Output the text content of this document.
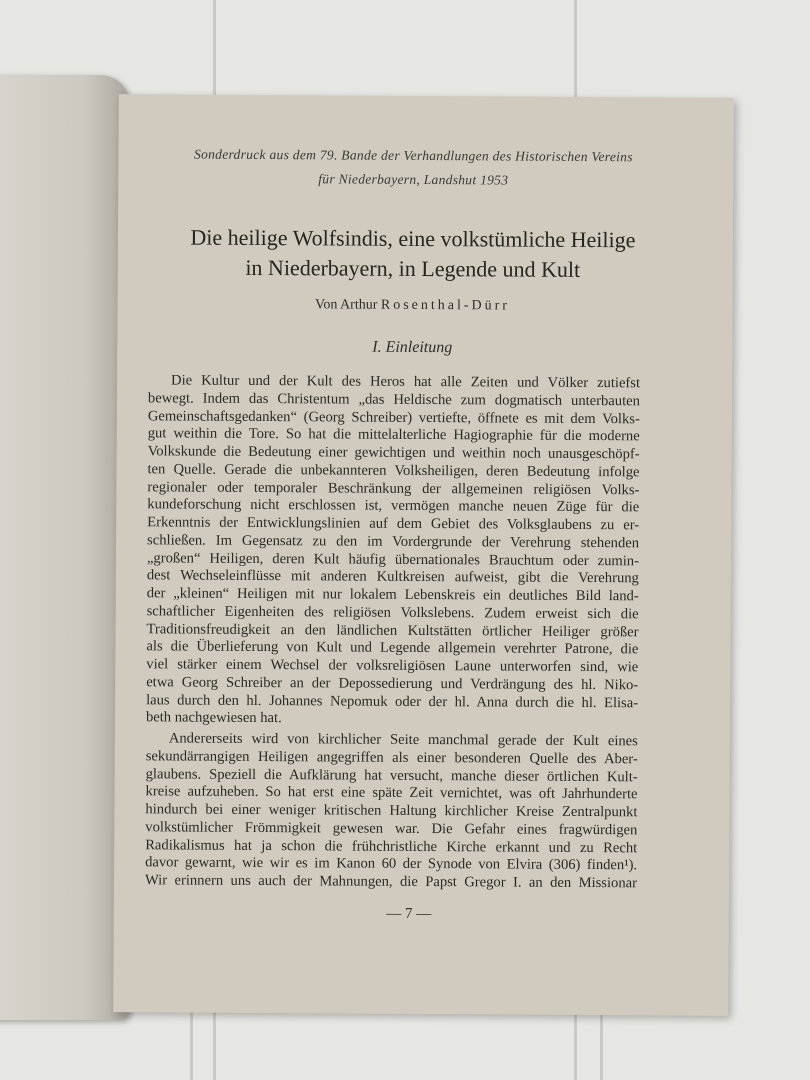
Sonderdruck aus dem 79. Bande der Verhandlungen des Historischen Vereins
für Niederbayern, Landshut 1953
Die heilige Wolfsindis, eine volkstümliche Heilige
in Niederbayern, in Legende und Kult
Von Arthur Rosenthal-Dürr
I. Einleitung
Die Kultur und der Kult des Heros hat alle Zeiten und Völker zutiefst
bewegt. Indem das Christentum „das Heldische zum dogmatisch unterbauten
Gemeinschaftsgedanken“ (Georg Schreiber) vertiefte, öffnete es mit dem Volks-
gut weithin die Tore. So hat die mittelalterliche Hagiographie für die moderne
Volkskunde die Bedeutung einer gewichtigen und weithin noch unausgeschöpf-
ten Quelle. Gerade die unbekannteren Volksheiligen, deren Bedeutung infolge
regionaler oder temporaler Beschränkung der allgemeinen religiösen Volks-
kundeforschung nicht erschlossen ist, vermögen manche neuen Züge für die
Erkenntnis der Entwicklungslinien auf dem Gebiet des Volksglaubens zu er-
schließen. Im Gegensatz zu den im Vordergrunde der Verehrung stehenden
„großen“ Heiligen, deren Kult häufig übernationales Brauchtum oder zumin-
dest Wechseleinflüsse mit anderen Kultkreisen aufweist, gibt die Verehrung
der „kleinen“ Heiligen mit nur lokalem Lebenskreis ein deutliches Bild land-
schaftlicher Eigenheiten des religiösen Volkslebens. Zudem erweist sich die
Traditionsfreudigkeit an den ländlichen Kultstätten örtlicher Heiliger größer
als die Überlieferung von Kult und Legende allgemein verehrter Patrone, die
viel stärker einem Wechsel der volksreligiösen Laune unterworfen sind, wie
etwa Georg Schreiber an der Depossedierung und Verdrängung des hl. Niko-
laus durch den hl. Johannes Nepomuk oder der hl. Anna durch die hl. Elisa-
beth nachgewiesen hat.
Andererseits wird von kirchlicher Seite manchmal gerade der Kult eines
sekundärrangigen Heiligen angegriffen als einer besonderen Quelle des Aber-
glaubens. Speziell die Aufklärung hat versucht, manche dieser örtlichen Kult-
kreise aufzuheben. So hat erst eine späte Zeit vernichtet, was oft Jahrhunderte
hindurch bei einer weniger kritischen Haltung kirchlicher Kreise Zentralpunkt
volkstümlicher Frömmigkeit gewesen war. Die Gefahr eines fragwürdigen
Radikalismus hat ja schon die frühchristliche Kirche erkannt und zu Recht
davor gewarnt, wie wir es im Kanon 60 der Synode von Elvira (306) finden¹).
Wir erinnern uns auch der Mahnungen, die Papst Gregor I. an den Missionar
— 7 —
